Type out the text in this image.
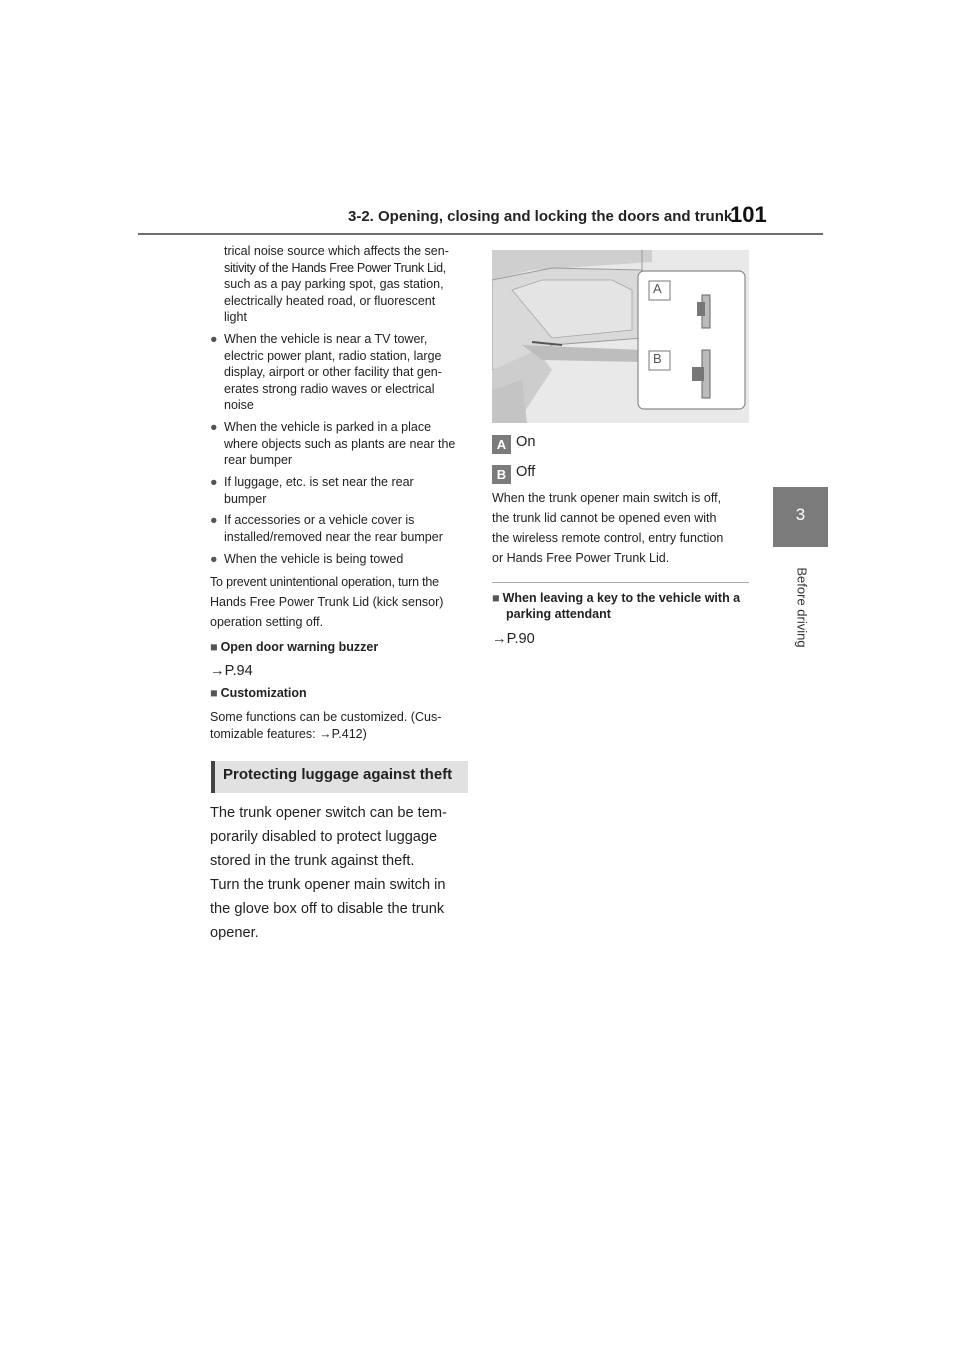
3-2. Opening, closing and locking the doors and trunk
101
3
Before driving
trical noise source which affects the sen-
sitivity of the Hands Free Power Trunk Lid,
such as a pay parking spot, gas station,
electrically heated road, or fluorescent
light
● When the vehicle is near a TV tower,
electric power plant, radio station, large
display, airport or other facility that gen-
erates strong radio waves or electrical
noise
● When the vehicle is parked in a place
where objects such as plants are near the
rear bumper
● If luggage, etc. is set near the rear
bumper
● If accessories or a vehicle cover is
installed/removed near the rear bumper
● When the vehicle is being towed
To prevent unintentional operation, turn the
Hands Free Power Trunk Lid (kick sensor)
operation setting off.
■ Open door warning buzzer
→P.94
■ Customization
Some functions can be customized. (Cus-
tomizable features: →P.412)
Protecting luggage against theft
The trunk opener switch can be tem-
porarily disabled to protect luggage
stored in the trunk against theft.
Turn the trunk opener main switch in
the glove box off to disable the trunk
opener.
A
B
A On
B Off
When the trunk opener main switch is off,
the trunk lid cannot be opened even with
the wireless remote control, entry function
or Hands Free Power Trunk Lid.
■ When leaving a key to the vehicle with a
parking attendant
→P.90
